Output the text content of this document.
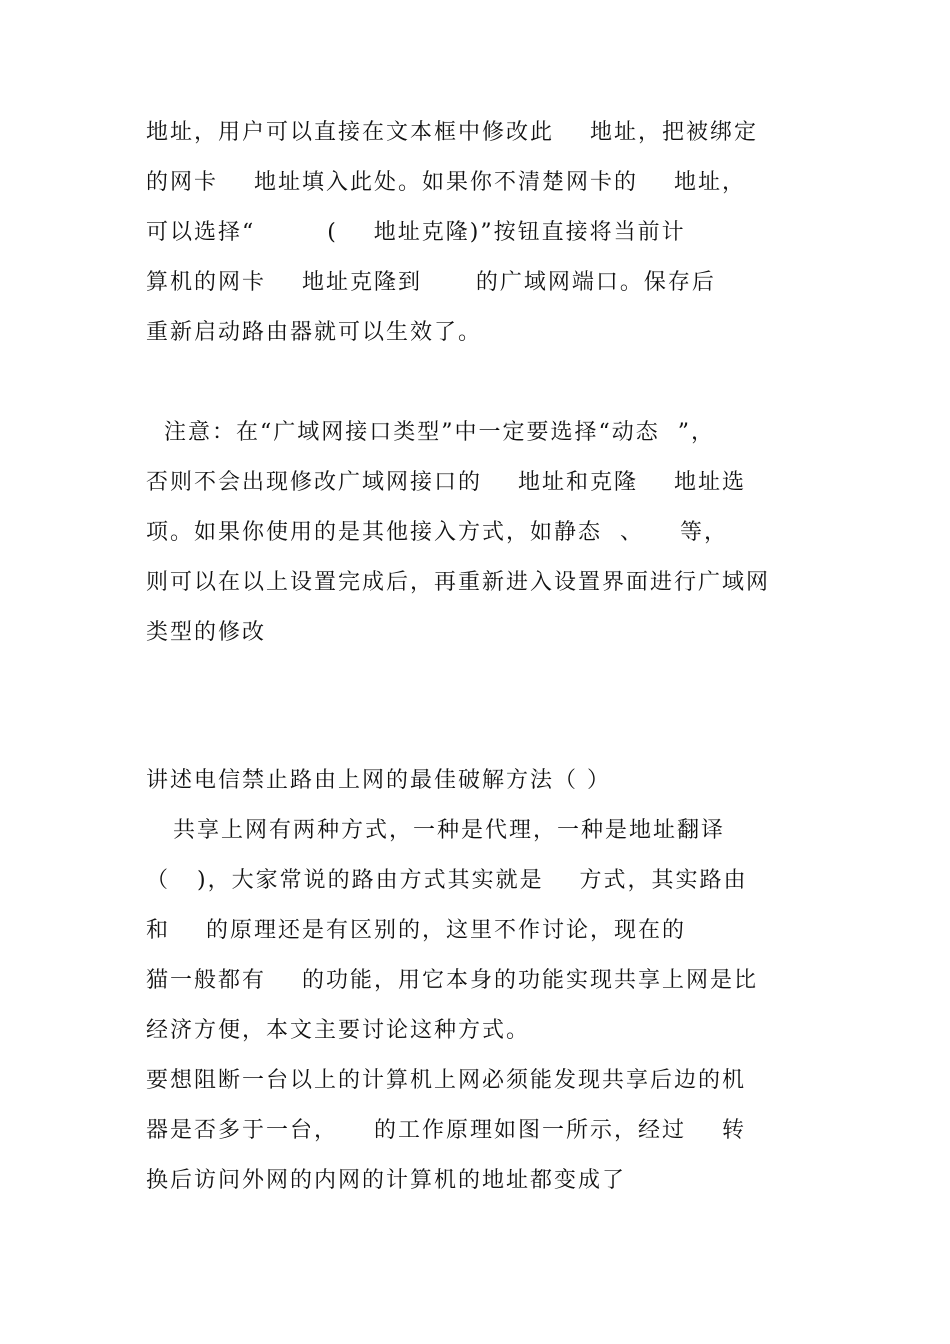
地址，用户可以直接在文本框中修改此    地址，把被绑定
的网卡    地址填入此处。如果你不清楚网卡的    地址，
可以选择“        (    地址克隆)”按钮直接将当前计
算机的网卡    地址克隆到      的广域网端口。保存后
重新启动路由器就可以生效了。
注意：在“广域网接口类型”中一定要选择“动态  ”，
否则不会出现修改广域网接口的    地址和克隆    地址选
项。如果你使用的是其他接入方式，如静态  、    等，
则可以在以上设置完成后，再重新进入设置界面进行广域网
类型的修改
讲述电信禁止路由上网的最佳破解方法（ ）
共享上网有两种方式，一种是代理，一种是地址翻译
（   )，大家常说的路由方式其实就是    方式，其实路由
和    的原理还是有区别的，这里不作讨论，现在的
猫一般都有    的功能，用它本身的功能实现共享上网是比
经济方便，本文主要讨论这种方式。
要想阻断一台以上的计算机上网必须能发现共享后边的机
器是否多于一台，    的工作原理如图一所示，经过    转
换后访问外网的内网的计算机的地址都变成了
